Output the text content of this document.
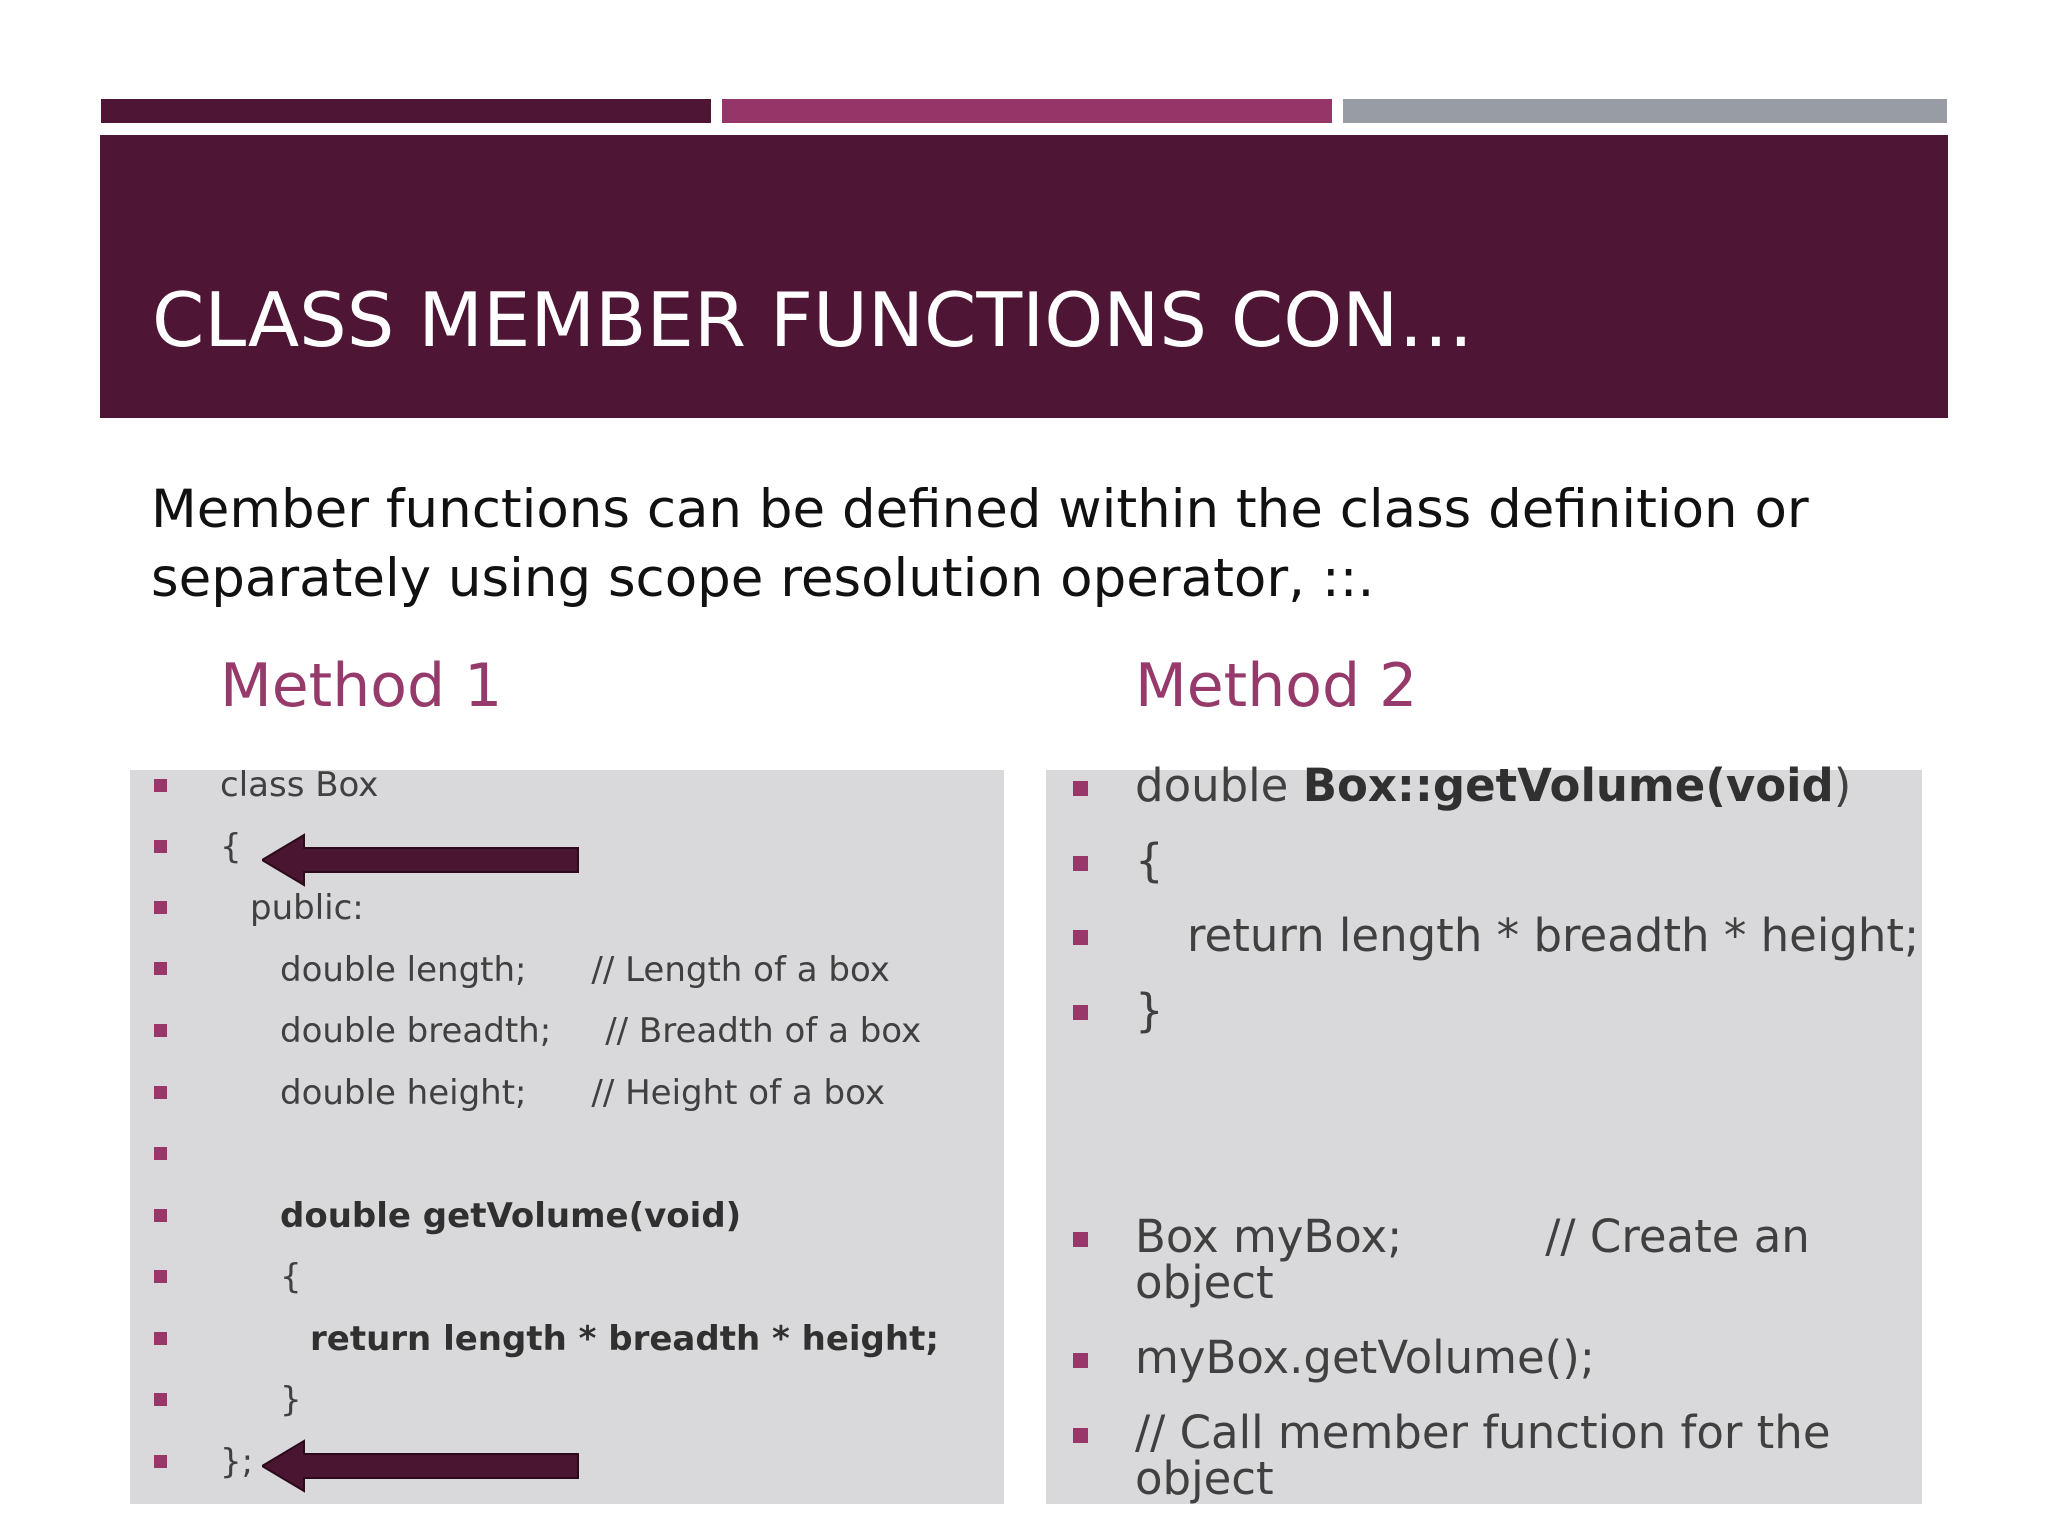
CLASS MEMBER FUNCTIONS CON…
Member functions can be defined within the class definition or separately using scope resolution operator, ::.
Method 1	Method 2
class Box
{
public:
double length;      // Length of a box
double breadth;     // Breadth of a box
double height;      // Height of a box
double getVolume(void)
{
return length * breadth * height;
}
};
double Box::getVolume(void)
{
return length * breadth * height;
}
Box myBox;          // Create an
object
myBox.getVolume();
// Call member function for the
object
